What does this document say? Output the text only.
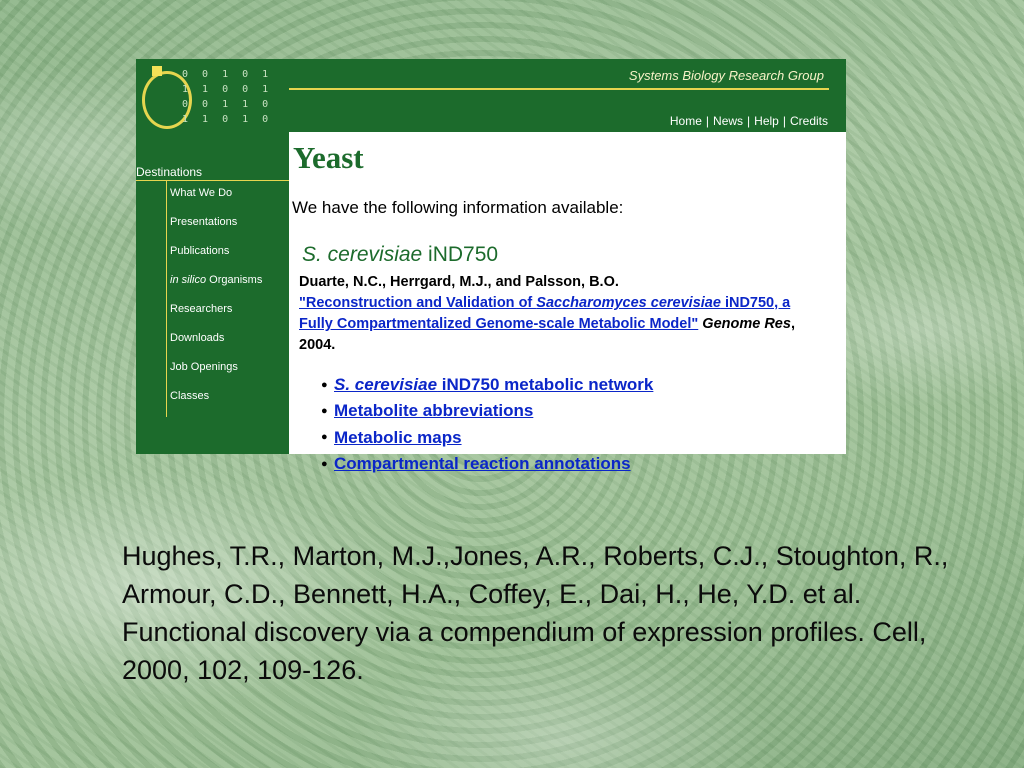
0 0 1 0 1
1 1 0 0 1
0 0 1 1 0
1 1 0 1 0
Destinations
What We Do
Presentations
Publications
in silico Organisms
Researchers
Downloads
Job Openings
Classes
Systems Biology Research Group
Home | News | Help | Credits
Yeast
We have the following information available:
S. cerevisiae iND750
Duarte, N.C., Herrgard, M.J., and Palsson, B.O.
"Reconstruction and Validation of Saccharomyces cerevisiae iND750, a Fully Compartmentalized Genome-scale Metabolic Model" Genome Res, 2004.
● S. cerevisiae iND750 metabolic network
● Metabolite abbreviations
● Metabolic maps
● Compartmental reaction annotations
Hughes, T.R., Marton, M.J.,Jones, A.R., Roberts, C.J., Stoughton, R., Armour, C.D., Bennett, H.A., Coffey, E., Dai, H., He, Y.D. et al. Functional discovery via a compendium of expression profiles. Cell, 2000, 102, 109-126.
